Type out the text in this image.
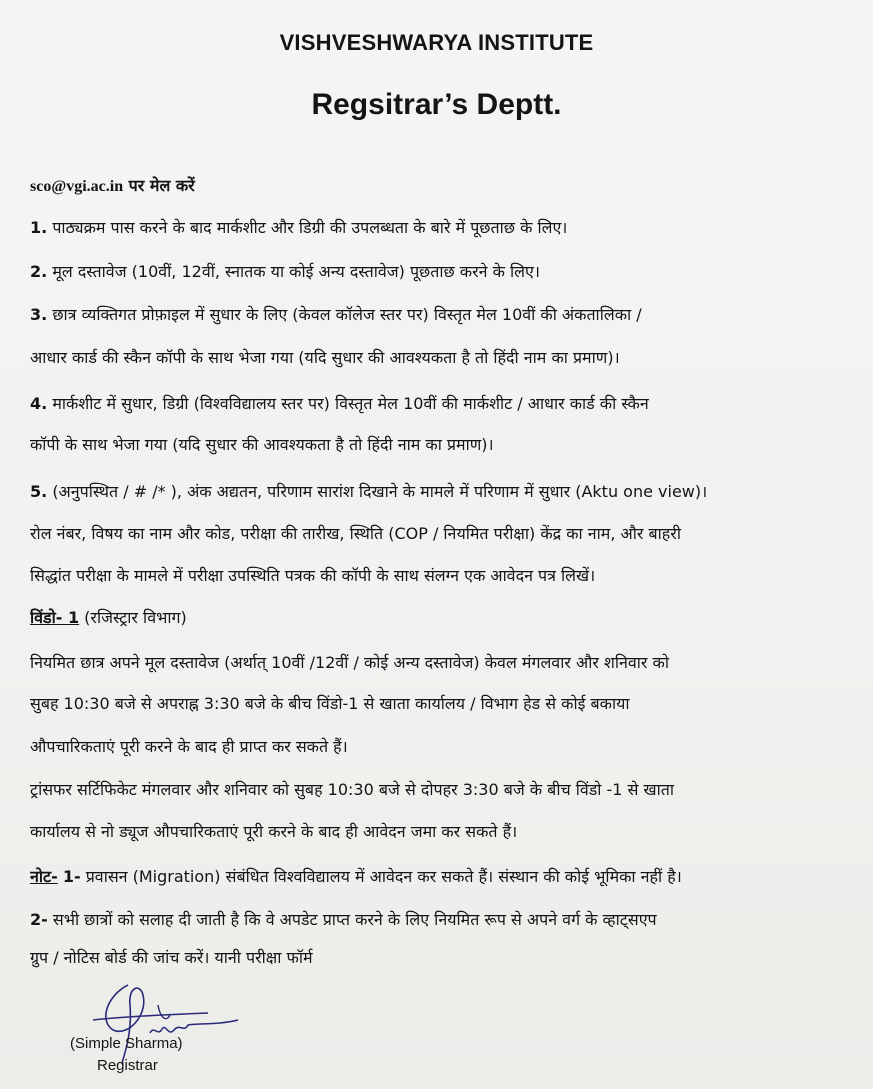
VISHVESHWARYA INSTITUTE
Regsitrar’s Deptt.
sco@vgi.ac.in पर मेल करें
1. पाठ्यक्रम पास करने के बाद मार्कशीट और डिग्री की उपलब्धता के बारे में पूछताछ के लिए।
2. मूल दस्तावेज (10वीं, 12वीं, स्नातक या कोई अन्य दस्तावेज) पूछताछ करने के लिए।
3. छात्र व्यक्तिगत प्रोफ़ाइल में सुधार के लिए (केवल कॉलेज स्तर पर) विस्तृत मेल 10वीं की अंकतालिका /
आधार कार्ड की स्कैन कॉपी के साथ भेजा गया (यदि सुधार की आवश्यकता है तो हिंदी नाम का प्रमाण)।
4. मार्कशीट में सुधार, डिग्री (विश्वविद्यालय स्तर पर) विस्तृत मेल 10वीं की मार्कशीट / आधार कार्ड की स्कैन
कॉपी के साथ भेजा गया (यदि सुधार की आवश्यकता है तो हिंदी नाम का प्रमाण)।
5. (अनुपस्थित / # /* ), अंक अद्यतन, परिणाम सारांश दिखाने के मामले में परिणाम में सुधार (Aktu one view)।
रोल नंबर, विषय का नाम और कोड, परीक्षा की तारीख, स्थिति (COP / नियमित परीक्षा) केंद्र का नाम, और बाहरी
सिद्धांत परीक्षा के मामले में परीक्षा उपस्थिति पत्रक की कॉपी के साथ संलग्न एक आवेदन पत्र लिखें।
विंडो- 1 (रजिस्ट्रार विभाग)
नियमित छात्र अपने मूल दस्तावेज (अर्थात् 10वीं /12वीं / कोई अन्य दस्तावेज) केवल मंगलवार और शनिवार को
सुबह 10:30 बजे से अपराह्न 3:30 बजे के बीच विंडो-1 से खाता कार्यालय / विभाग हेड से कोई बकाया
औपचारिकताएं पूरी करने के बाद ही प्राप्त कर सकते हैं।
ट्रांसफर सर्टिफिकेट मंगलवार और शनिवार को सुबह 10:30 बजे से दोपहर 3:30 बजे के बीच विंडो -1 से खाता
कार्यालय से नो ड्यूज औपचारिकताएं पूरी करने के बाद ही आवेदन जमा कर सकते हैं।
नोट- 1- प्रवासन (Migration) संबंधित विश्वविद्यालय में आवेदन कर सकते हैं। संस्थान की कोई भूमिका नहीं है।
2- सभी छात्रों को सलाह दी जाती है कि वे अपडेट प्राप्त करने के लिए नियमित रूप से अपने वर्ग के व्हाट्सएप
ग्रुप / नोटिस बोर्ड की जांच करें। यानी परीक्षा फॉर्म
(Simple Sharma)
Registrar
